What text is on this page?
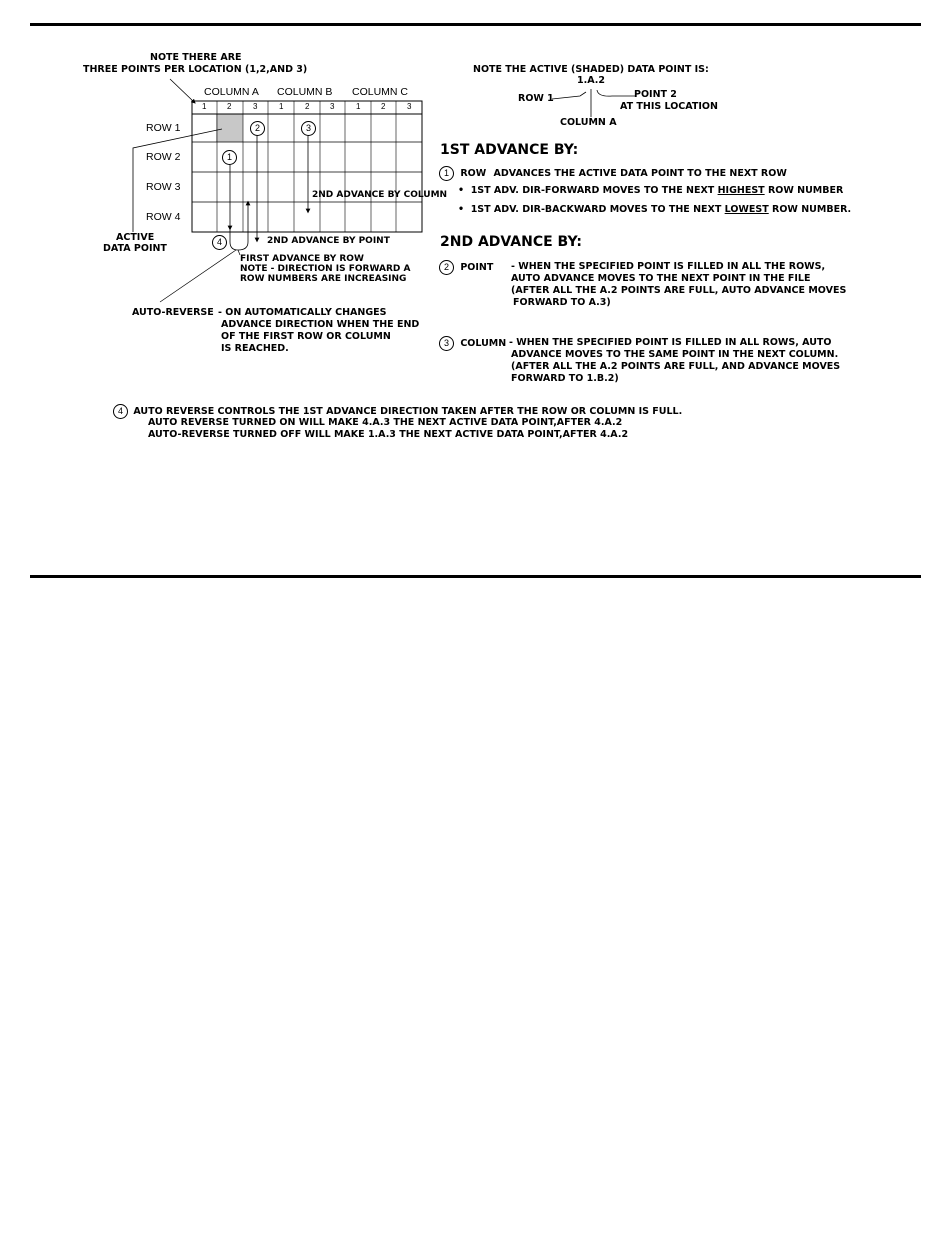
NOTE THERE ARE
THREE POINTS PER LOCATION (1,2,AND 3)
COLUMN A COLUMN B COLUMN C
1	2	3	1	2	3	1	2	3
ROW 1
ROW 2
ROW 3
ROW 4
1
2	3
4
2ND ADVANCE BY COLUMN
2ND ADVANCE BY POINT
ACTIVE
DATA POINT
FIRST ADVANCE BY ROW
NOTE - DIRECTION IS FORWARD A
ROW NUMBERS ARE INCREASING
AUTO-REVERSE - ON AUTOMATICALLY CHANGES
ADVANCE DIRECTION WHEN THE END
OF THE FIRST ROW OR COLUMN
IS REACHED.
NOTE THE ACTIVE (SHADED) DATA POINT IS:
1.A.2
ROW 1	POINT 2
AT THIS LOCATION
COLUMN A
1ST ADVANCE BY:
1 ROW ADVANCES THE ACTIVE DATA POINT TO THE NEXT ROW
•  1ST ADV. DIR-FORWARD MOVES TO THE NEXT HIGHEST ROW NUMBER
•  1ST ADV. DIR-BACKWARD MOVES TO THE NEXT LOWEST ROW NUMBER.
2ND ADVANCE BY:
2 POINT - WHEN THE SPECIFIED POINT IS FILLED IN ALL THE ROWS,
AUTO ADVANCE MOVES TO THE NEXT POINT IN THE FILE
(AFTER ALL THE A.2 POINTS ARE FULL, AUTO ADVANCE MOVES
FORWARD TO A.3)
3 COLUMN - WHEN THE SPECIFIED POINT IS FILLED IN ALL ROWS, AUTO
ADVANCE MOVES TO THE SAME POINT IN THE NEXT COLUMN.
(AFTER ALL THE A.2 POINTS ARE FULL, AND ADVANCE MOVES
FORWARD TO 1.B.2)
4 AUTO REVERSE CONTROLS THE 1ST ADVANCE DIRECTION TAKEN AFTER THE ROW OR COLUMN IS FULL.
AUTO REVERSE TURNED ON WILL MAKE 4.A.3 THE NEXT ACTIVE DATA POINT,AFTER 4.A.2
AUTO-REVERSE TURNED OFF WILL MAKE 1.A.3 THE NEXT ACTIVE DATA POINT,AFTER 4.A.2
